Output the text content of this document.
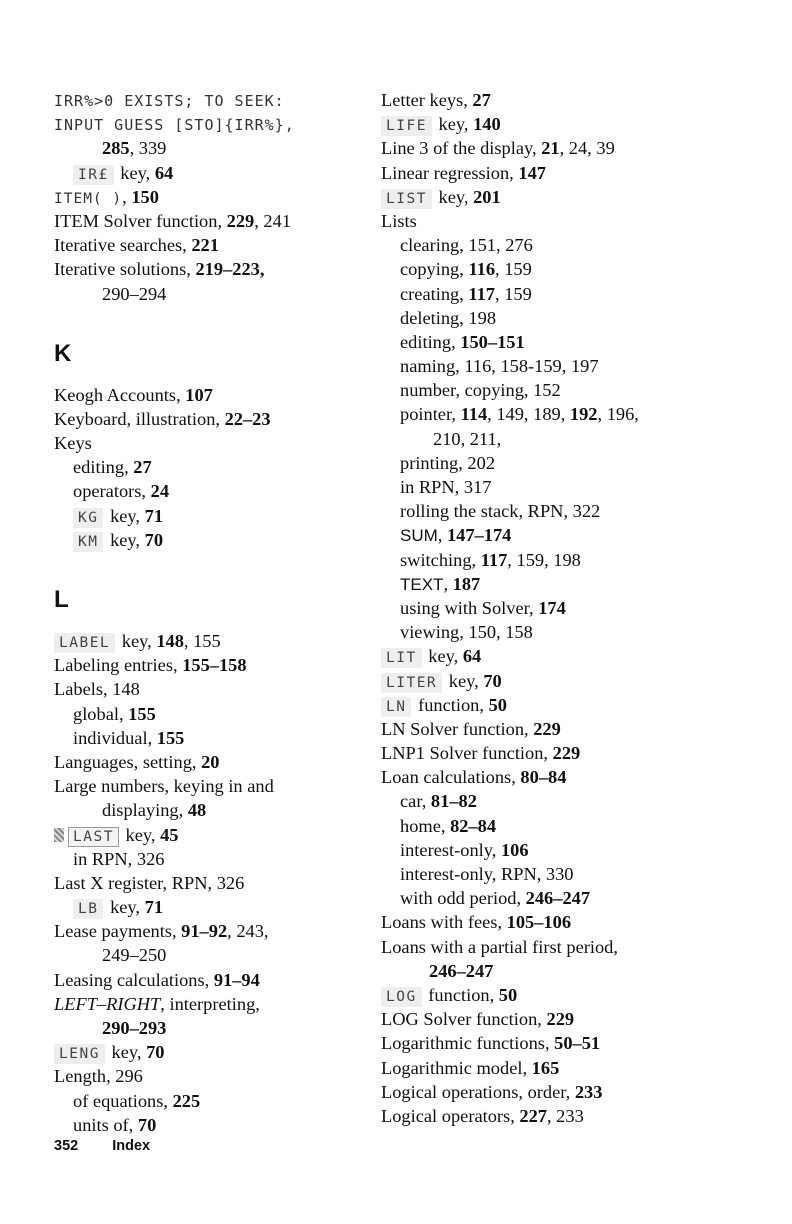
IRR%>0 EXISTS; TO SEEK:
INPUT GUESS [STO]{IRR%},
285, 339
IR£ key, 64
ITEM( ), 150
ITEM Solver function, 229, 241
Iterative searches, 221
Iterative solutions, 219–223,
290–294
K
Keogh Accounts, 107
Keyboard, illustration, 22–23
Keys
editing, 27
operators, 24
KG key, 71
KM key, 70
L
LABEL key, 148, 155
Labeling entries, 155–158
Labels, 148
global, 155
individual, 155
Languages, setting, 20
Large numbers, keying in and
displaying, 48
LAST key, 45
in RPN, 326
Last X register, RPN, 326
LB key, 71
Lease payments, 91–92, 243,
249–250
Leasing calculations, 91–94
LEFT–RIGHT, interpreting,
290–293
LENG key, 70
Length, 296
of equations, 225
units of, 70
Letter keys, 27
LIFE key, 140
Line 3 of the display, 21, 24, 39
Linear regression, 147
LIST key, 201
Lists
clearing, 151, 276
copying, 116, 159
creating, 117, 159
deleting, 198
editing, 150–151
naming, 116, 158-159, 197
number, copying, 152
pointer, 114, 149, 189, 192, 196,
210, 211,
printing, 202
in RPN, 317
rolling the stack, RPN, 322
SUM, 147–174
switching, 117, 159, 198
TEXT, 187
using with Solver, 174
viewing, 150, 158
LIT key, 64
LITER key, 70
LN function, 50
LN Solver function, 229
LNP1 Solver function, 229
Loan calculations, 80–84
car, 81–82
home, 82–84
interest-only, 106
interest-only, RPN, 330
with odd period, 246–247
Loans with fees, 105–106
Loans with a partial first period,
246–247
LOG function, 50
LOG Solver function, 229
Logarithmic functions, 50–51
Logarithmic model, 165
Logical operations, order, 233
Logical operators, 227, 233
352 Index
